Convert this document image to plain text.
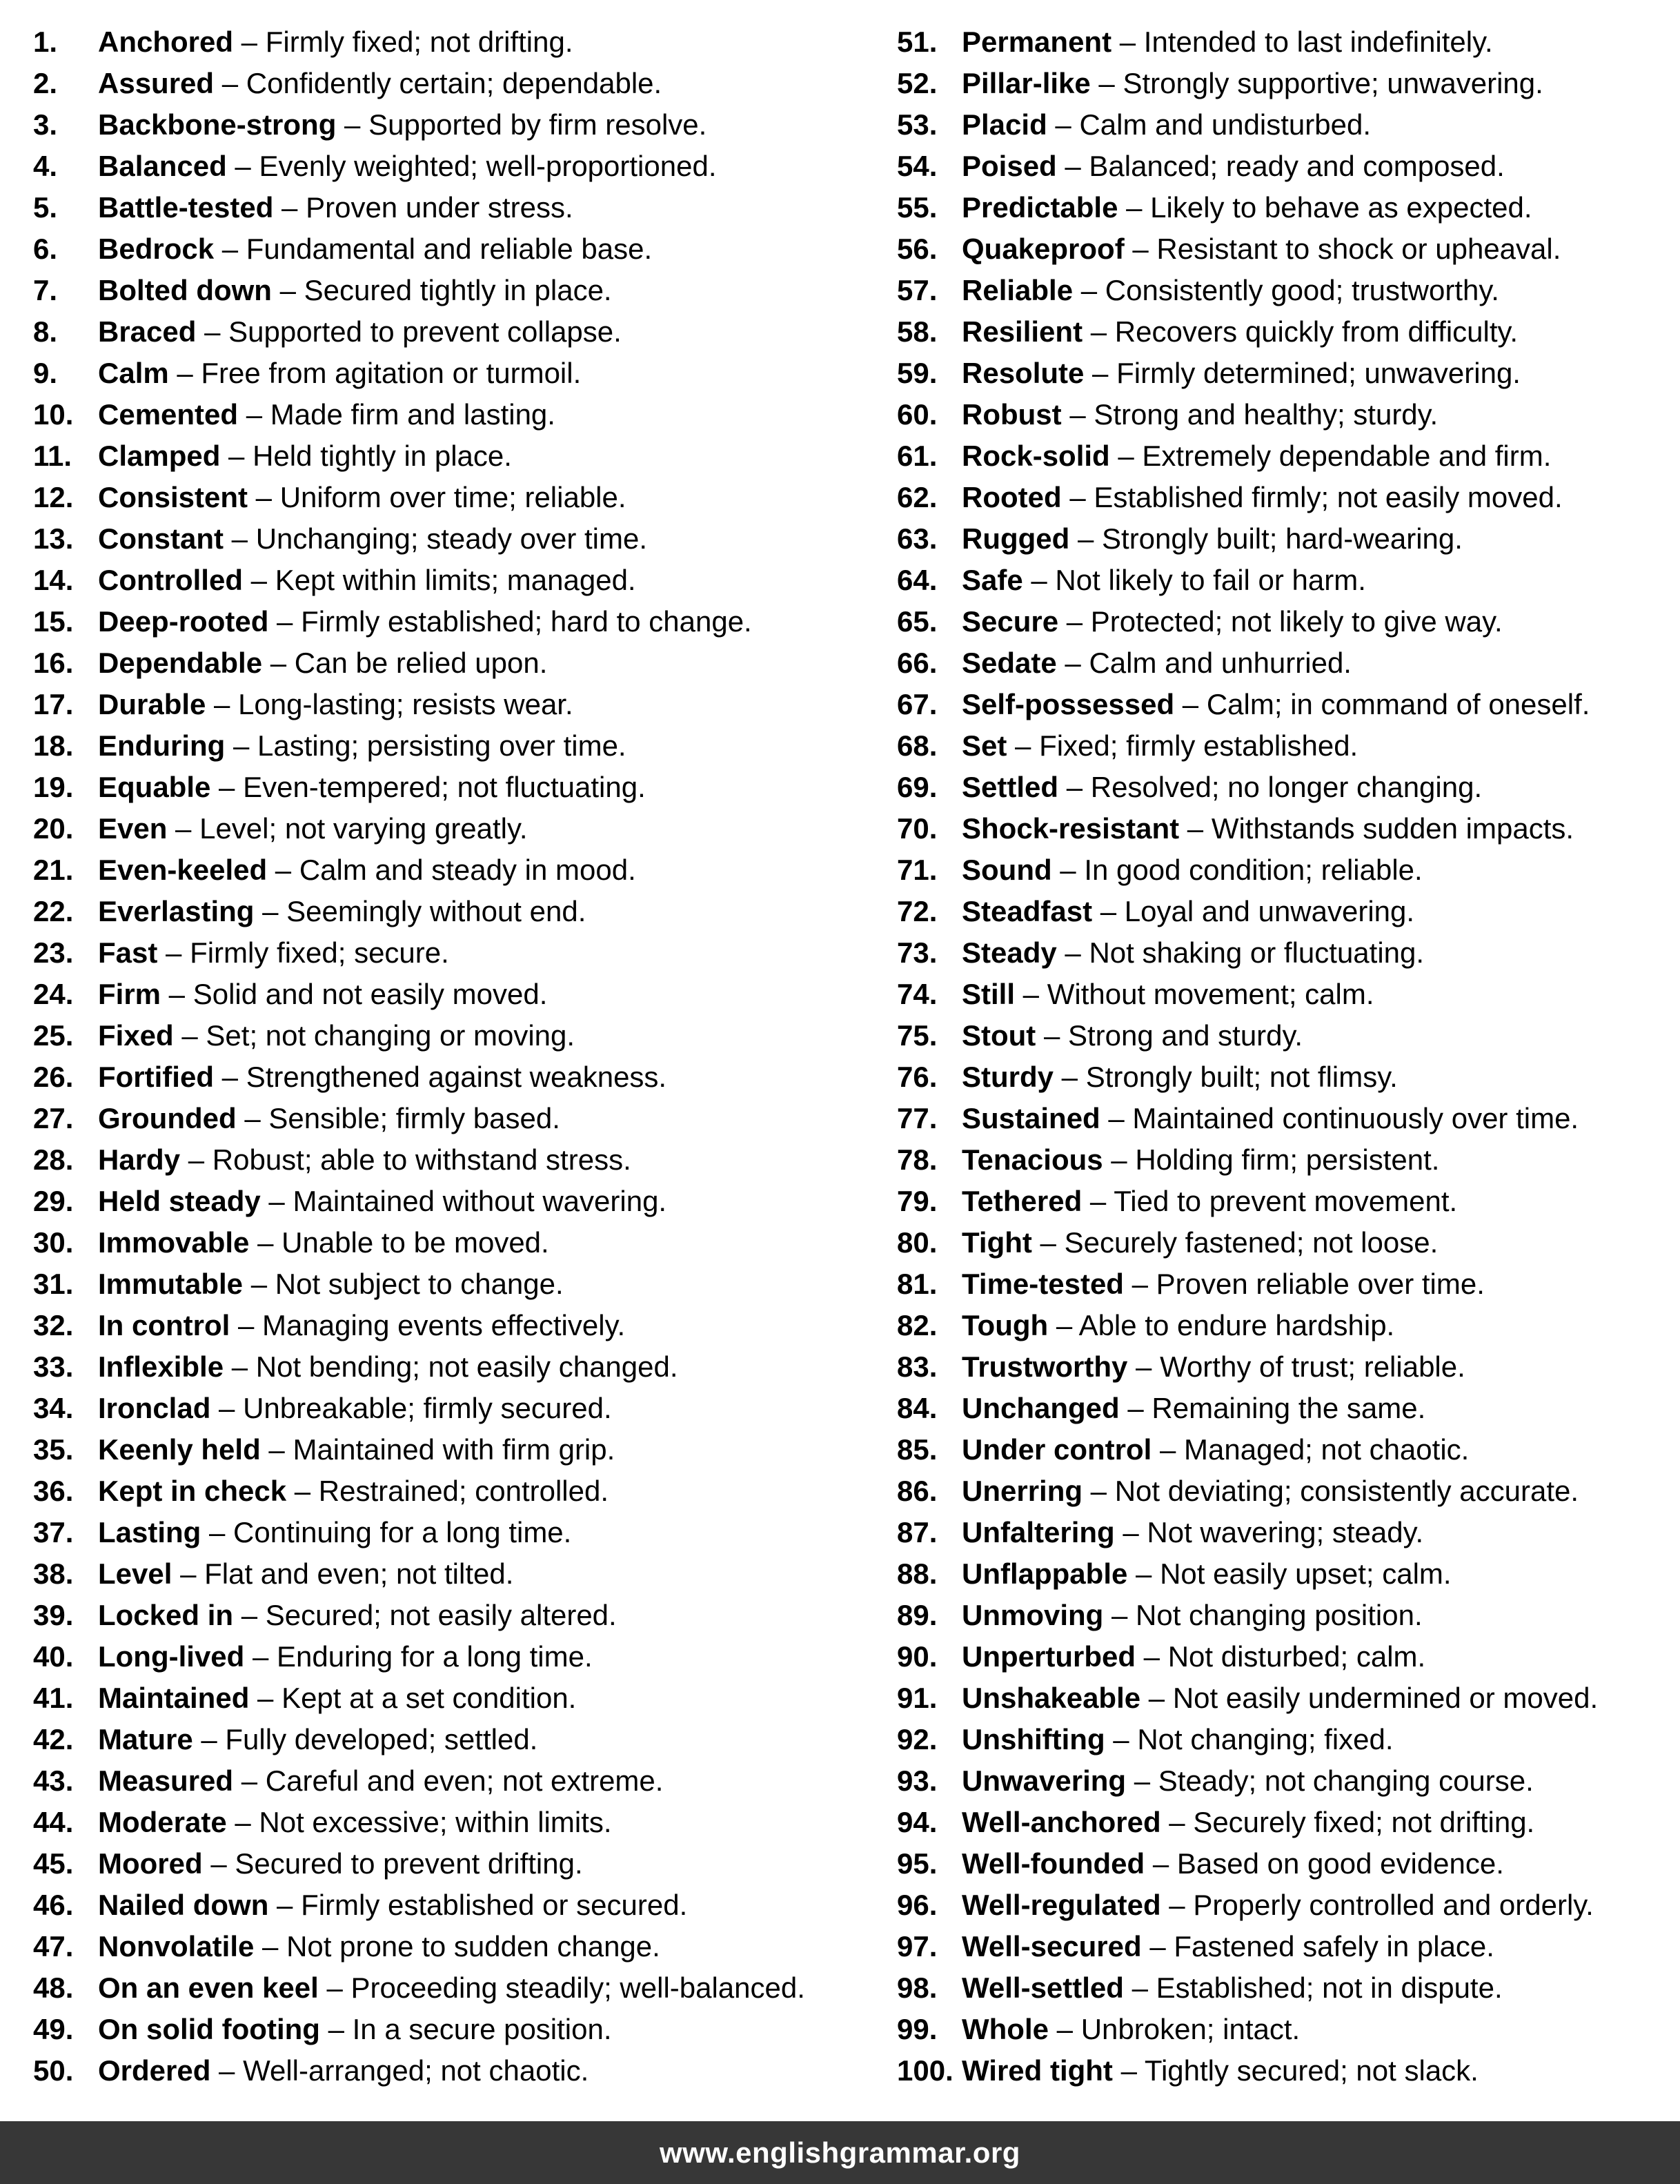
1.	Anchored – Firmly fixed; not drifting.
2.	Assured – Confidently certain; dependable.
3.	Backbone-strong – Supported by firm resolve.
4.	Balanced – Evenly weighted; well-proportioned.
5.	Battle-tested – Proven under stress.
6.	Bedrock – Fundamental and reliable base.
7.	Bolted down – Secured tightly in place.
8.	Braced – Supported to prevent collapse.
9.	Calm – Free from agitation or turmoil.
10. Cemented – Made firm and lasting.
11. Clamped – Held tightly in place.
12. Consistent – Uniform over time; reliable.
13. Constant – Unchanging; steady over time.
14. Controlled – Kept within limits; managed.
15. Deep-rooted – Firmly established; hard to change.
16. Dependable – Can be relied upon.
17. Durable – Long-lasting; resists wear.
18. Enduring – Lasting; persisting over time.
19. Equable – Even-tempered; not fluctuating.
20. Even – Level; not varying greatly.
21. Even-keeled – Calm and steady in mood.
22. Everlasting – Seemingly without end.
23. Fast – Firmly fixed; secure.
24. Firm – Solid and not easily moved.
25. Fixed – Set; not changing or moving.
26. Fortified – Strengthened against weakness.
27. Grounded – Sensible; firmly based.
28. Hardy – Robust; able to withstand stress.
29. Held steady – Maintained without wavering.
30. Immovable – Unable to be moved.
31. Immutable – Not subject to change.
32. In control – Managing events effectively.
33. Inflexible – Not bending; not easily changed.
34. Ironclad – Unbreakable; firmly secured.
35. Keenly held – Maintained with firm grip.
36. Kept in check – Restrained; controlled.
37. Lasting – Continuing for a long time.
38. Level – Flat and even; not tilted.
39. Locked in – Secured; not easily altered.
40. Long-lived – Enduring for a long time.
41. Maintained – Kept at a set condition.
42. Mature – Fully developed; settled.
43. Measured – Careful and even; not extreme.
44. Moderate – Not excessive; within limits.
45. Moored – Secured to prevent drifting.
46. Nailed down – Firmly established or secured.
47. Nonvolatile – Not prone to sudden change.
48. On an even keel – Proceeding steadily; well-balanced.
49. On solid footing – In a secure position.
50. Ordered – Well-arranged; not chaotic.
51. Permanent – Intended to last indefinitely.
52. Pillar-like – Strongly supportive; unwavering.
53. Placid – Calm and undisturbed.
54. Poised – Balanced; ready and composed.
55. Predictable – Likely to behave as expected.
56. Quakeproof – Resistant to shock or upheaval.
57. Reliable – Consistently good; trustworthy.
58. Resilient – Recovers quickly from difficulty.
59. Resolute – Firmly determined; unwavering.
60. Robust – Strong and healthy; sturdy.
61. Rock-solid – Extremely dependable and firm.
62. Rooted – Established firmly; not easily moved.
63. Rugged – Strongly built; hard-wearing.
64. Safe – Not likely to fail or harm.
65. Secure – Protected; not likely to give way.
66. Sedate – Calm and unhurried.
67. Self-possessed – Calm; in command of oneself.
68. Set – Fixed; firmly established.
69. Settled – Resolved; no longer changing.
70. Shock-resistant – Withstands sudden impacts.
71. Sound – In good condition; reliable.
72. Steadfast – Loyal and unwavering.
73. Steady – Not shaking or fluctuating.
74. Still – Without movement; calm.
75. Stout – Strong and sturdy.
76. Sturdy – Strongly built; not flimsy.
77. Sustained – Maintained continuously over time.
78. Tenacious – Holding firm; persistent.
79. Tethered – Tied to prevent movement.
80. Tight – Securely fastened; not loose.
81. Time-tested – Proven reliable over time.
82. Tough – Able to endure hardship.
83. Trustworthy – Worthy of trust; reliable.
84. Unchanged – Remaining the same.
85. Under control – Managed; not chaotic.
86. Unerring – Not deviating; consistently accurate.
87. Unfaltering – Not wavering; steady.
88. Unflappable – Not easily upset; calm.
89. Unmoving – Not changing position.
90. Unperturbed – Not disturbed; calm.
91. Unshakeable – Not easily undermined or moved.
92. Unshifting – Not changing; fixed.
93. Unwavering – Steady; not changing course.
94. Well-anchored – Securely fixed; not drifting.
95. Well-founded – Based on good evidence.
96. Well-regulated – Properly controlled and orderly.
97. Well-secured – Fastened safely in place.
98. Well-settled – Established; not in dispute.
99. Whole – Unbroken; intact.
100. Wired tight – Tightly secured; not slack.
www.englishgrammar.org
